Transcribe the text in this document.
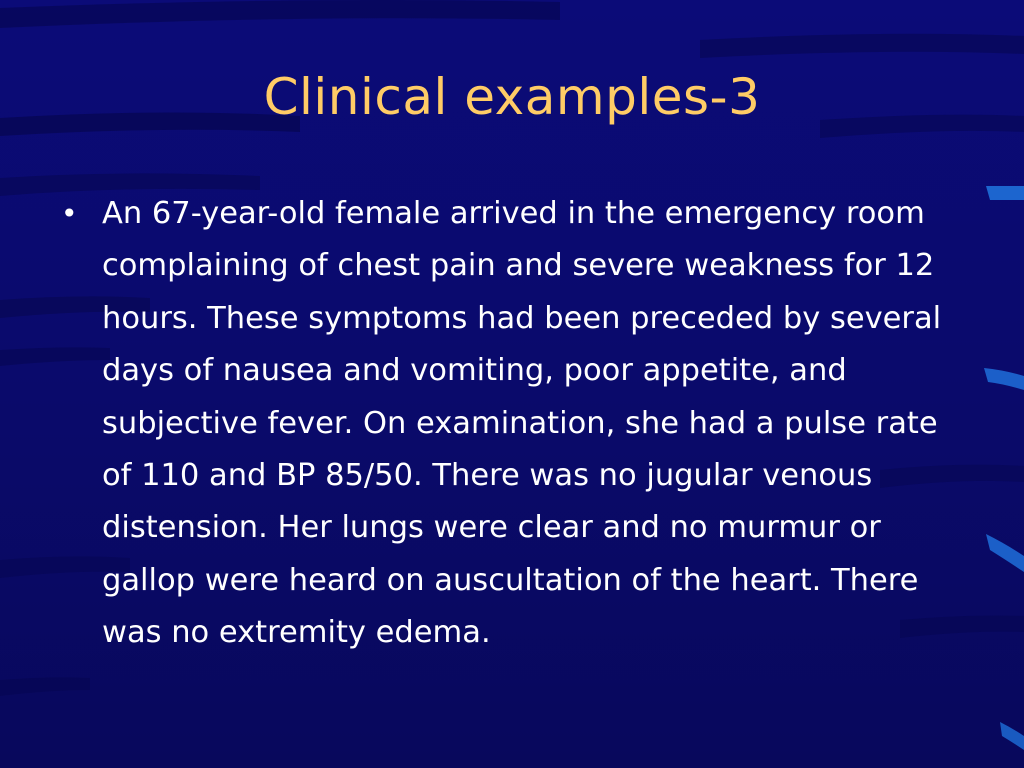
Clinical examples-3
• An 67-year-old female arrived in the emergency room complaining of chest pain and severe weakness for 12 hours. These symptoms had been preceded by several days of nausea and vomiting, poor appetite, and subjective fever. On examination, she had a pulse rate of 110 and BP 85/50. There was no jugular venous distension. Her lungs were clear and no murmur or gallop were heard on auscultation of the heart. There was no extremity edema.
